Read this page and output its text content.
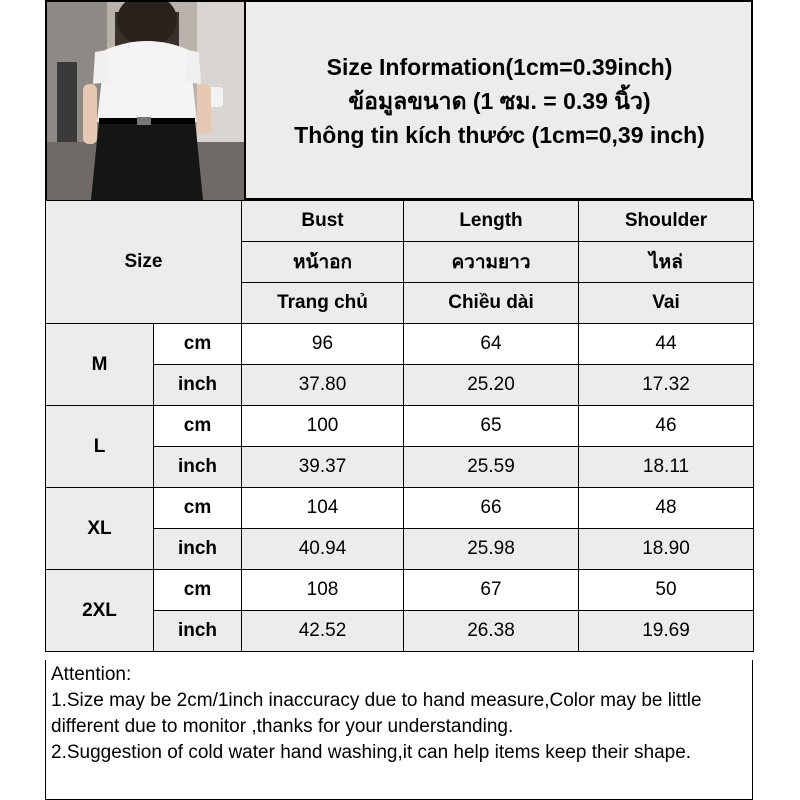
Size Information(1cm=0.39inch)
ข้อมูลขนาด (1 ซม. = 0.39 นิ้ว)
Thông tin kích thước (1cm=0,39 inch)
Size		Bust	Length	Shoulder
		หน้าอก	ความยาว	ไหล่
		Trang chủ	Chiều dài	Vai
M	cm	96	64	44
	inch	37.80	25.20	17.32
L	cm	100	65	46
	inch	39.37	25.59	18.11
XL	cm	104	66	48
	inch	40.94	25.98	18.90
2XL	cm	108	67	50
	inch	42.52	26.38	19.69
Attention:
1.Size may be 2cm/1inch inaccuracy due to hand measure,Color may be little different due to monitor ,thanks for your understanding.
2.Suggestion of cold water hand washing,it can help items keep their shape.
